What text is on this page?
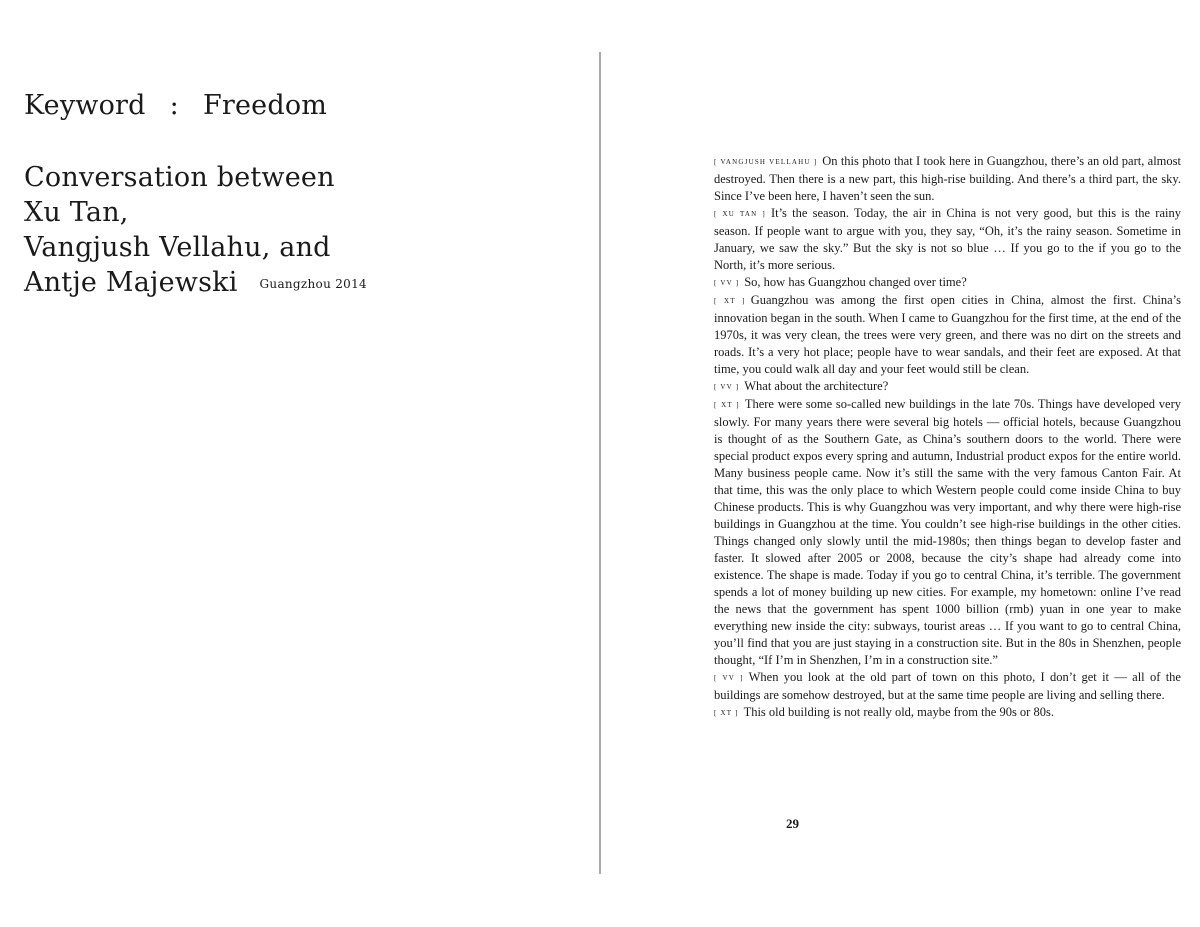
Keyword : Freedom
Conversation between
Xu Tan,
Vangjush Vellahu, and
Antje Majewski Guangzhou 2014

[ VANGJUSH VELLAHU ] On this photo that I took here in Guangzhou, there’s an old part, almost destroyed. Then there is a new part, this high-rise building. And there’s a third part, the sky. Since I’ve been here, I haven’t seen the sun.

[ XU TAN ] It’s the season. Today, the air in China is not very good, but this is the rainy season. If people want to argue with you, they say, “Oh, it’s the rainy season. Sometime in January, we saw the sky.” But the sky is not so blue … If you go to the if you go to the North, it’s more serious.

[ VV ] So, how has Guangzhou changed over time?

[ XT ] Guangzhou was among the first open cities in China, almost the first. China’s innovation began in the south. When I came to Guangzhou for the first time, at the end of the 1970s, it was very clean, the trees were very green, and there was no dirt on the streets and roads. It’s a very hot place; people have to wear sandals, and their feet are exposed. At that time, you could walk all day and your feet would still be clean.

[ VV ] What about the architecture?

[ XT ] There were some so-called new buildings in the late 70s. Things have developed very slowly. For many years there were several big hotels — official hotels, because Guangzhou is thought of as the Southern Gate, as China’s southern doors to the world. There were special product expos every spring and autumn, Industrial product expos for the entire world. Many business people came. Now it’s still the same with the very famous Canton Fair. At that time, this was the only place to which Western people could come inside China to buy Chinese products. This is why Guangzhou was very important, and why there were high-rise buildings in Guangzhou at the time. You couldn’t see high-rise buildings in the other cities. Things changed only slowly until the mid-1980s; then things began to develop faster and faster. It slowed after 2005 or 2008, because the city’s shape had already come into existence. The shape is made. Today if you go to central China, it’s terrible. The government spends a lot of money building up new cities. For example, my hometown: online I’ve read the news that the government has spent 1000 billion (rmb) yuan in one year to make everything new inside the city: subways, tourist areas … If you want to go to central China, you’ll find that you are just staying in a construction site. But in the 80s in Shenzhen, people thought, “If I’m in Shenzhen, I’m in a construction site.”

[ VV ] When you look at the old part of town on this photo, I don’t get it — all of the buildings are somehow destroyed, but at the same time people are living and selling there.

[ XT ] This old building is not really old, maybe from the 90s or 80s.

29
